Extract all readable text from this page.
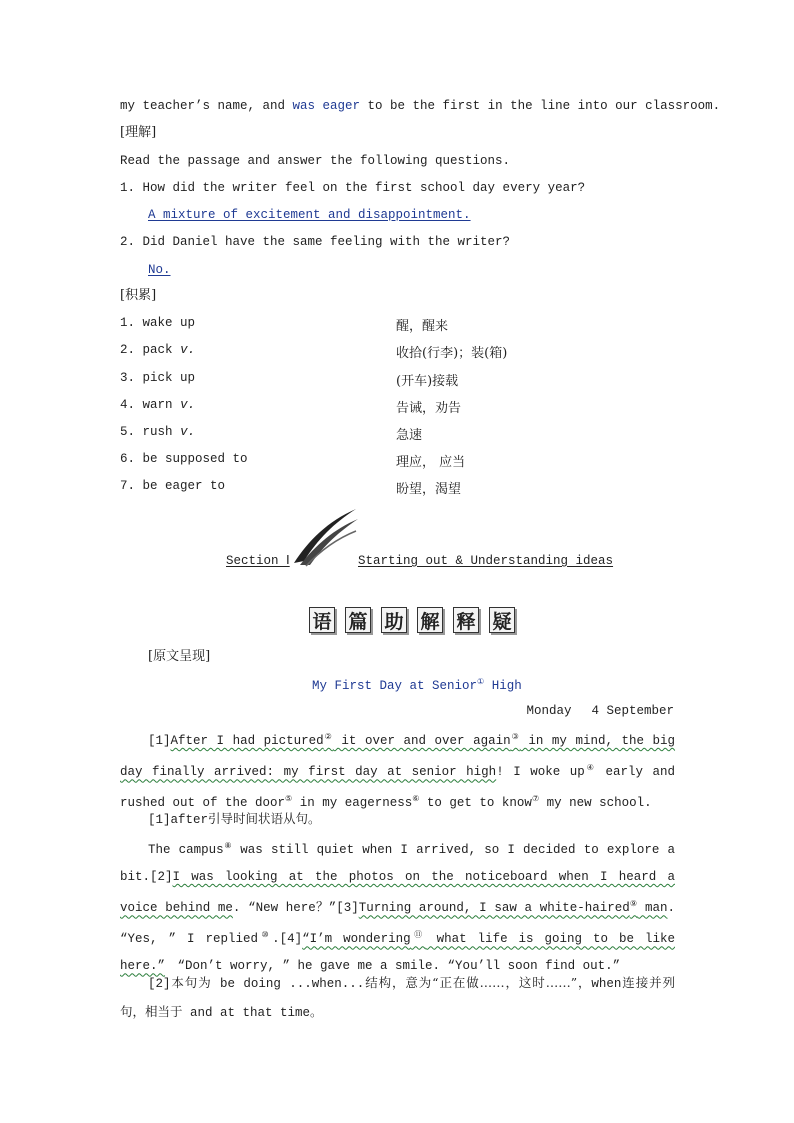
my teacher’s name, and was eager to be the first in the line into our classroom.
[理解]
Read the passage and answer the following questions.
1. How did the writer feel on the first school day every year?
A mixture of excitement and disappointment.
2. Did Daniel have the same feeling with the writer?
No.
[积累]
1. wake up	醒，醒来
2. pack v.	收拾(行李)；装(箱)
3. pick up	(开车)接载
4. warn v.	告诫，劝告
5. rush v.	急速
6. be supposed to	理应， 应当
7. be eager to	盼望，渴望
Section Ⅰ	Starting out & Understanding ideas
语 篇 助 解 释 疑
[原文呈现]
My First Day at Senior① High
Monday　 4 September
[1]After I had pictured② it over and over again③ in my mind, the big day finally arrived: my first day at senior high! I woke up④ early and rushed out of the door⑤ in my eagerness⑥ to get to know⑦ my new school.
[1]after引导时间状语从句。
The campus⑧ was still quiet when I arrived, so I decided to explore a bit.[2]I was looking at the photos on the noticeboard when I heard a voice behind me. “New here？”[3]Turning around, I saw a white-haired⑨ man. “Yes, ” I replied⑩.[4]“I’m wondering⑪ what life is going to be like here.”　“Don’t worry, ” he gave me a smile. “You’ll soon find out.”
[2]本句为 be doing ...when...结构，意为“正在做……，这时……”，when连接并列句，相当于 and at that time。
